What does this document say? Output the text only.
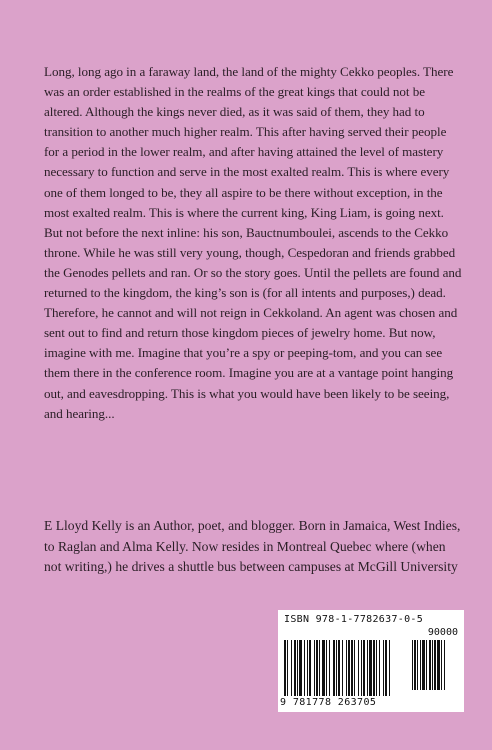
Long, long ago in a faraway land, the land of the mighty Cekko peoples. There was an order established in the realms of the great kings that could not be altered. Although the kings never died, as it was said of them, they had to transition to another much higher realm. This after having served their people for a period in the lower realm, and after having attained the level of mastery necessary to function and serve in the most exalted realm. This is where every one of them longed to be, they all aspire to be there without exception, in the most exalted realm. This is where the current king, King Liam, is going next. But not before the next inline: his son, Bauctnumboulei, ascends to the Cekko throne. While he was still very young, though, Cespedoran and friends grabbed the Genodes pellets and ran. Or so the story goes. Until the pellets are found and returned to the kingdom, the king’s son is (for all intents and purposes,) dead. Therefore, he cannot and will not reign in Cekkoland. An agent was chosen and sent out to find and return those kingdom pieces of jewelry home. But now, imagine with me. Imagine that you’re a spy or peeping-tom, and you can see them there in the conference room. Imagine you are at a vantage point hanging out, and eavesdropping. This is what you would have been likely to be seeing, and hearing...

E Lloyd Kelly is an Author, poet, and blogger. Born in Jamaica, West Indies, to Raglan and Alma Kelly. Now resides in Montreal Quebec where (when not writing,) he drives a shuttle bus between campuses at McGill University

ISBN 978-1-7782637-0-5
90000
9 781778 263705
